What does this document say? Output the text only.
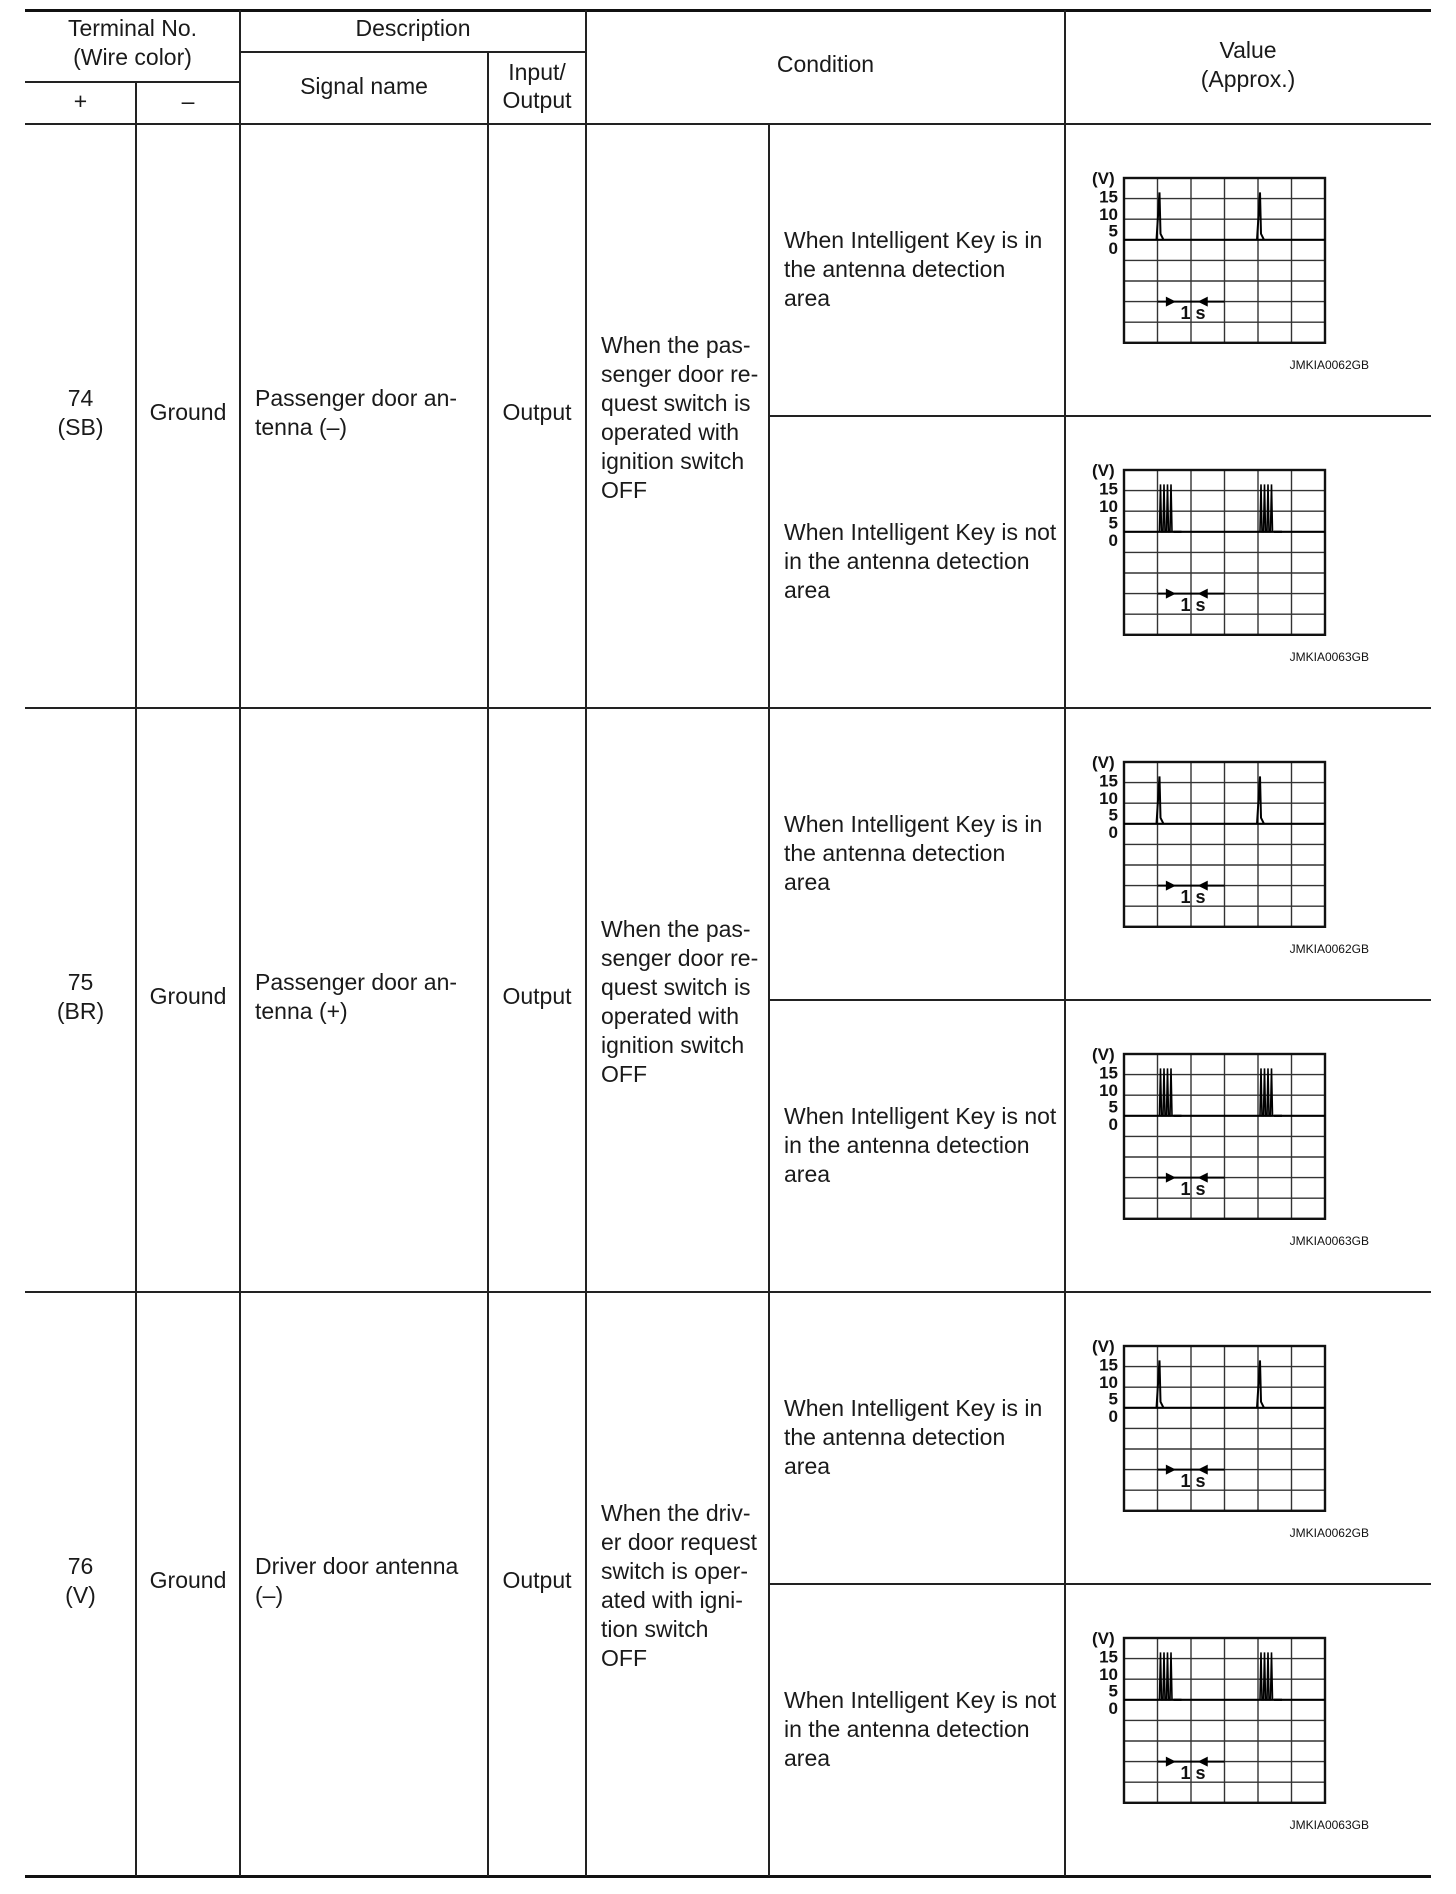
Terminal No.
(Wire color)
+	–
Description
Signal name
Input/
Output
Condition
Value
(Approx.)
74
(SB)
Ground
Passenger door an-
tenna (–)
Output
When the pas-
senger door re-
quest switch is
operated with
ignition switch
OFF
When Intelligent Key is in
the antenna detection
area
(V)
15
10
5
0
1 s
JMKIA0062GB
When Intelligent Key is not
in the antenna detection
area
(V)
15
10
5
0
1 s
JMKIA0063GB
75
(BR)
Ground
Passenger door an-
tenna (+)
Output
When the pas-
senger door re-
quest switch is
operated with
ignition switch
OFF
When Intelligent Key is in
the antenna detection
area
(V)
15
10
5
0
1 s
JMKIA0062GB
When Intelligent Key is not
in the antenna detection
area
(V)
15
10
5
0
1 s
JMKIA0063GB
76
(V)
Ground
Driver door antenna
(–)
Output
When the driv-
er door request
switch is oper-
ated with igni-
tion switch
OFF
When Intelligent Key is in
the antenna detection
area
(V)
15
10
5
0
1 s
JMKIA0062GB
When Intelligent Key is not
in the antenna detection
area
(V)
15
10
5
0
1 s
JMKIA0063GB
